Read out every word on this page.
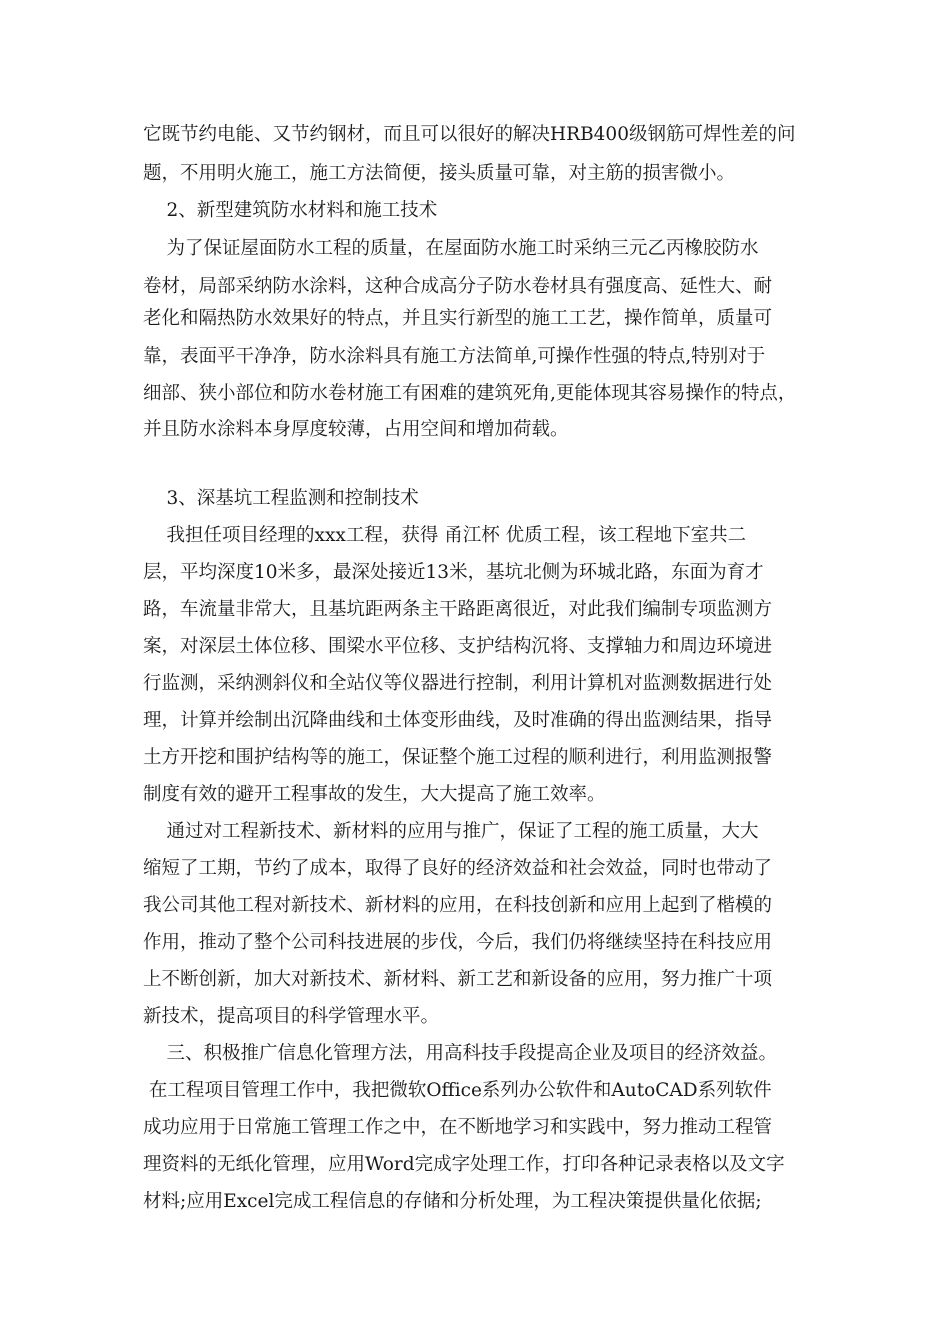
它既节约电能、又节约钢材，而且可以很好的解决HRB400级钢筋可焊性差的问
题，不用明火施工，施工方法简便，接头质量可靠，对主筋的损害微小。
2、新型建筑防水材料和施工技术
为了保证屋面防水工程的质量，在屋面防水施工时采纳三元乙丙橡胶防水
卷材，局部采纳防水涂料，这种合成高分子防水卷材具有强度高、延性大、耐
老化和隔热防水效果好的特点，并且实行新型的施工工艺，操作简单，质量可
靠，表面平干净净，防水涂料具有施工方法简单,可操作性强的特点,特别对于
细部、狭小部位和防水卷材施工有困难的建筑死角,更能体现其容易操作的特点，
并且防水涂料本身厚度较薄，占用空间和增加荷载。
3、深基坑工程监测和控制技术
我担任项目经理的xxx工程，获得 甬江杯 优质工程，该工程地下室共二
层，平均深度10米多，最深处接近13米，基坑北侧为环城北路，东面为育才
路，车流量非常大，且基坑距两条主干路距离很近，对此我们编制专项监测方
案，对深层土体位移、围梁水平位移、支护结构沉将、支撑轴力和周边环境进
行监测，采纳测斜仪和全站仪等仪器进行控制，利用计算机对监测数据进行处
理，计算并绘制出沉降曲线和土体变形曲线，及时准确的得出监测结果，指导
土方开挖和围护结构等的施工，保证整个施工过程的顺利进行，利用监测报警
制度有效的避开工程事故的发生，大大提高了施工效率。
通过对工程新技术、新材料的应用与推广，保证了工程的施工质量，大大
缩短了工期，节约了成本，取得了良好的经济效益和社会效益，同时也带动了
我公司其他工程对新技术、新材料的应用，在科技创新和应用上起到了楷模的
作用，推动了整个公司科技进展的步伐，今后，我们仍将继续坚持在科技应用
上不断创新，加大对新技术、新材料、新工艺和新设备的应用，努力推广十项
新技术，提高项目的科学管理水平。
三、积极推广信息化管理方法，用高科技手段提高企业及项目的经济效益。
在工程项目管理工作中，我把微软Office系列办公软件和AutoCAD系列软件
成功应用于日常施工管理工作之中，在不断地学习和实践中，努力推动工程管
理资料的无纸化管理，应用Word完成字处理工作，打印各种记录表格以及文字
材料;应用Excel完成工程信息的存储和分析处理，为工程决策提供量化依据;
